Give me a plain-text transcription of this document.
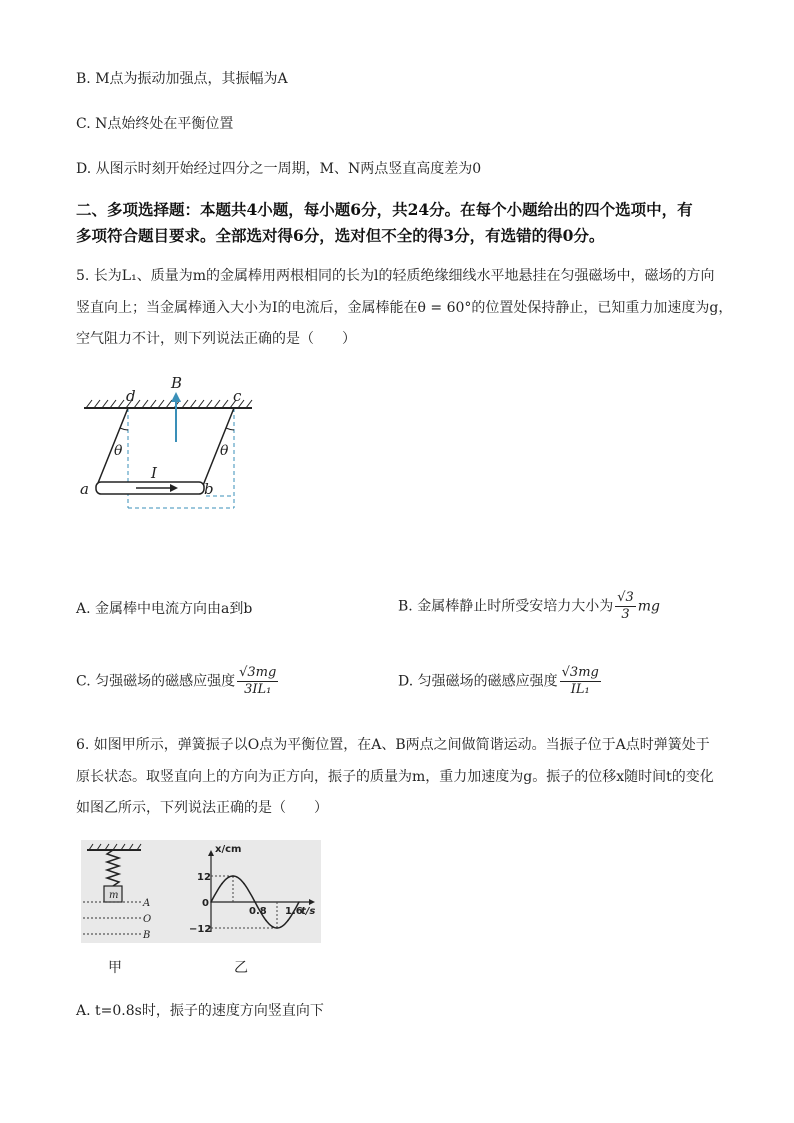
B. M点为振动加强点，其振幅为A
C. N点始终处在平衡位置
D. 从图示时刻开始经过四分之一周期，M、N两点竖直高度差为0
二、多项选择题：本题共4小题，每小题6分，共24分。在每个小题给出的四个选项中，有
多项符合题目要求。全部选对得6分，选对但不全的得3分，有选错的得0分。
5. 长为L₁、质量为m的金属棒用两根相同的长为l的轻质绝缘细线水平地悬挂在匀强磁场中，磁场的方向
竖直向上；当金属棒通入大小为I的电流后，金属棒能在θ = 60°的位置处保持静止，已知重力加速度为g，
空气阻力不计，则下列说法正确的是（　　）
B
d	c
θ	θ
I
a	b
A. 金属棒中电流方向由a到b	B. 金属棒静止时所受安培力大小为 $\frac{√3}{3}$ mg
C. 匀强磁场的磁感应强度 $\frac{√3mg}{\text{3IL₁}}$	D. 匀强磁场的磁感应强度 $\frac{√3mg}{\text{IL₁}}$
6. 如图甲所示，弹簧振子以O点为平衡位置，在A、B两点之间做简谐运动。当振子位于A点时弹簧处于
原长状态。取竖直向上的方向为正方向，振子的质量为m，重力加速度为g。振子的位移x随时间t的变化
如图乙所示，下列说法正确的是（　　）
m
A
O
B
x/cm
12
0
−12
0.8 1.6
t/s
甲	乙
A. t=0.8s时，振子的速度方向竖直向下
